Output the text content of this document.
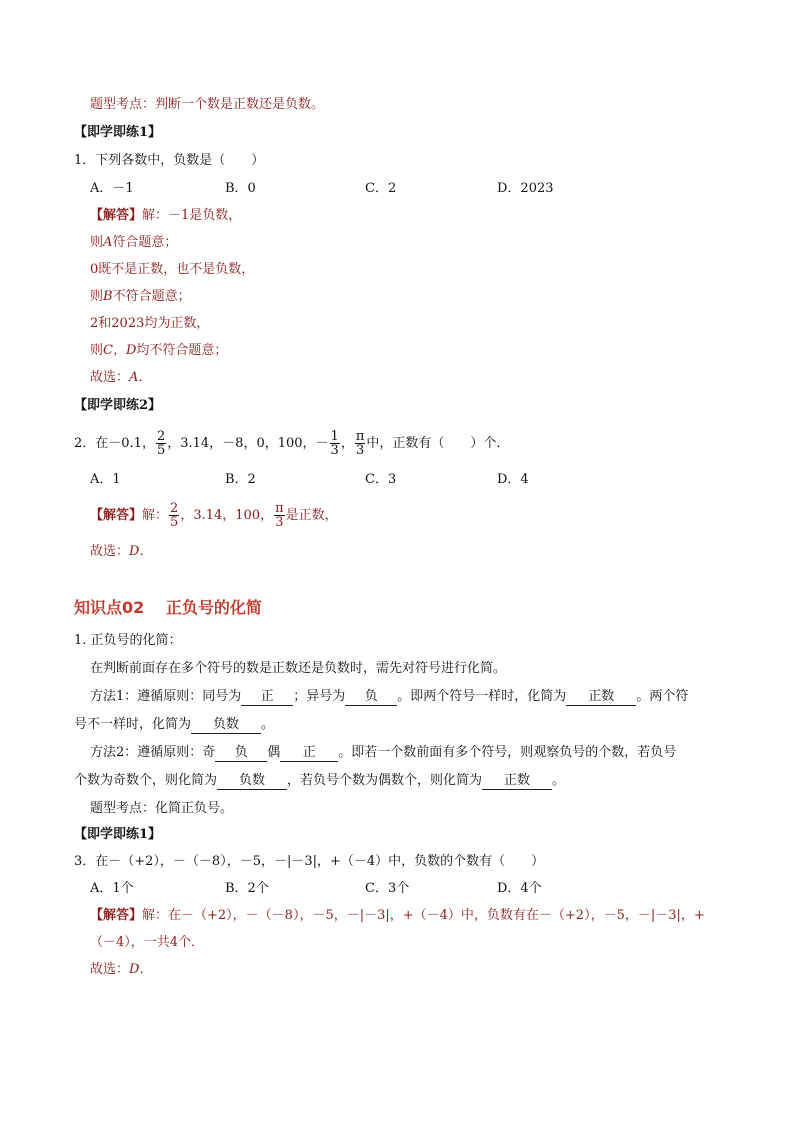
题型考点：判断一个数是正数还是负数。
【即学即练1】
1．下列各数中，负数是（　　）
A．－1	B．0	C．2	D．2023
【解答】解：－1是负数，
则A符合题意；
0既不是正数，也不是负数，
则B不符合题意；
2和2023均为正数，
则C，D均不符合题意；
故选：A．
【即学即练2】
2．在－0.1， $\frac{2}{5}$ ，3.14，－8，0，100，－ $\frac{1}{3}$ ， $\frac{\pi}{3}$ 中，正数有（　　）个．
A．1	B．2	C．3	D．4
【解答】解： $\frac{2}{5}$ ，3.14，100， $\frac{\pi}{3}$ 是正数，
故选：D．
知识点02　 正负号的化简
1. 正负号的化简：
在判断前面存在多个符号的数是正数还是负数时，需先对符号进行化简。
方法1：遵循原则：同号为 正 ；异号为 负 。即两个符号一样时，化简为 正数 。两个符
号不一样时，化简为 负数 。
方法2：遵循原则：奇 负 偶 正 。即若一个数前面有多个符号，则观察负号的个数，若负号
个数为奇数个，则化简为 负数 ，若负号个数为偶数个，则化简为 正数 。
题型考点：化简正负号。
【即学即练1】
3．在－（+2），－（－8），－5，－|－3|，+（－4）中，负数的个数有（　　）
A．1个	B．2个	C．3个	D．4个
【解答】解：在－（+2），－（－8），－5，－|－3|，+（－4）中，负数有在－（+2），－5，－|－3|，+
（－4），一共4个．
故选：D．
